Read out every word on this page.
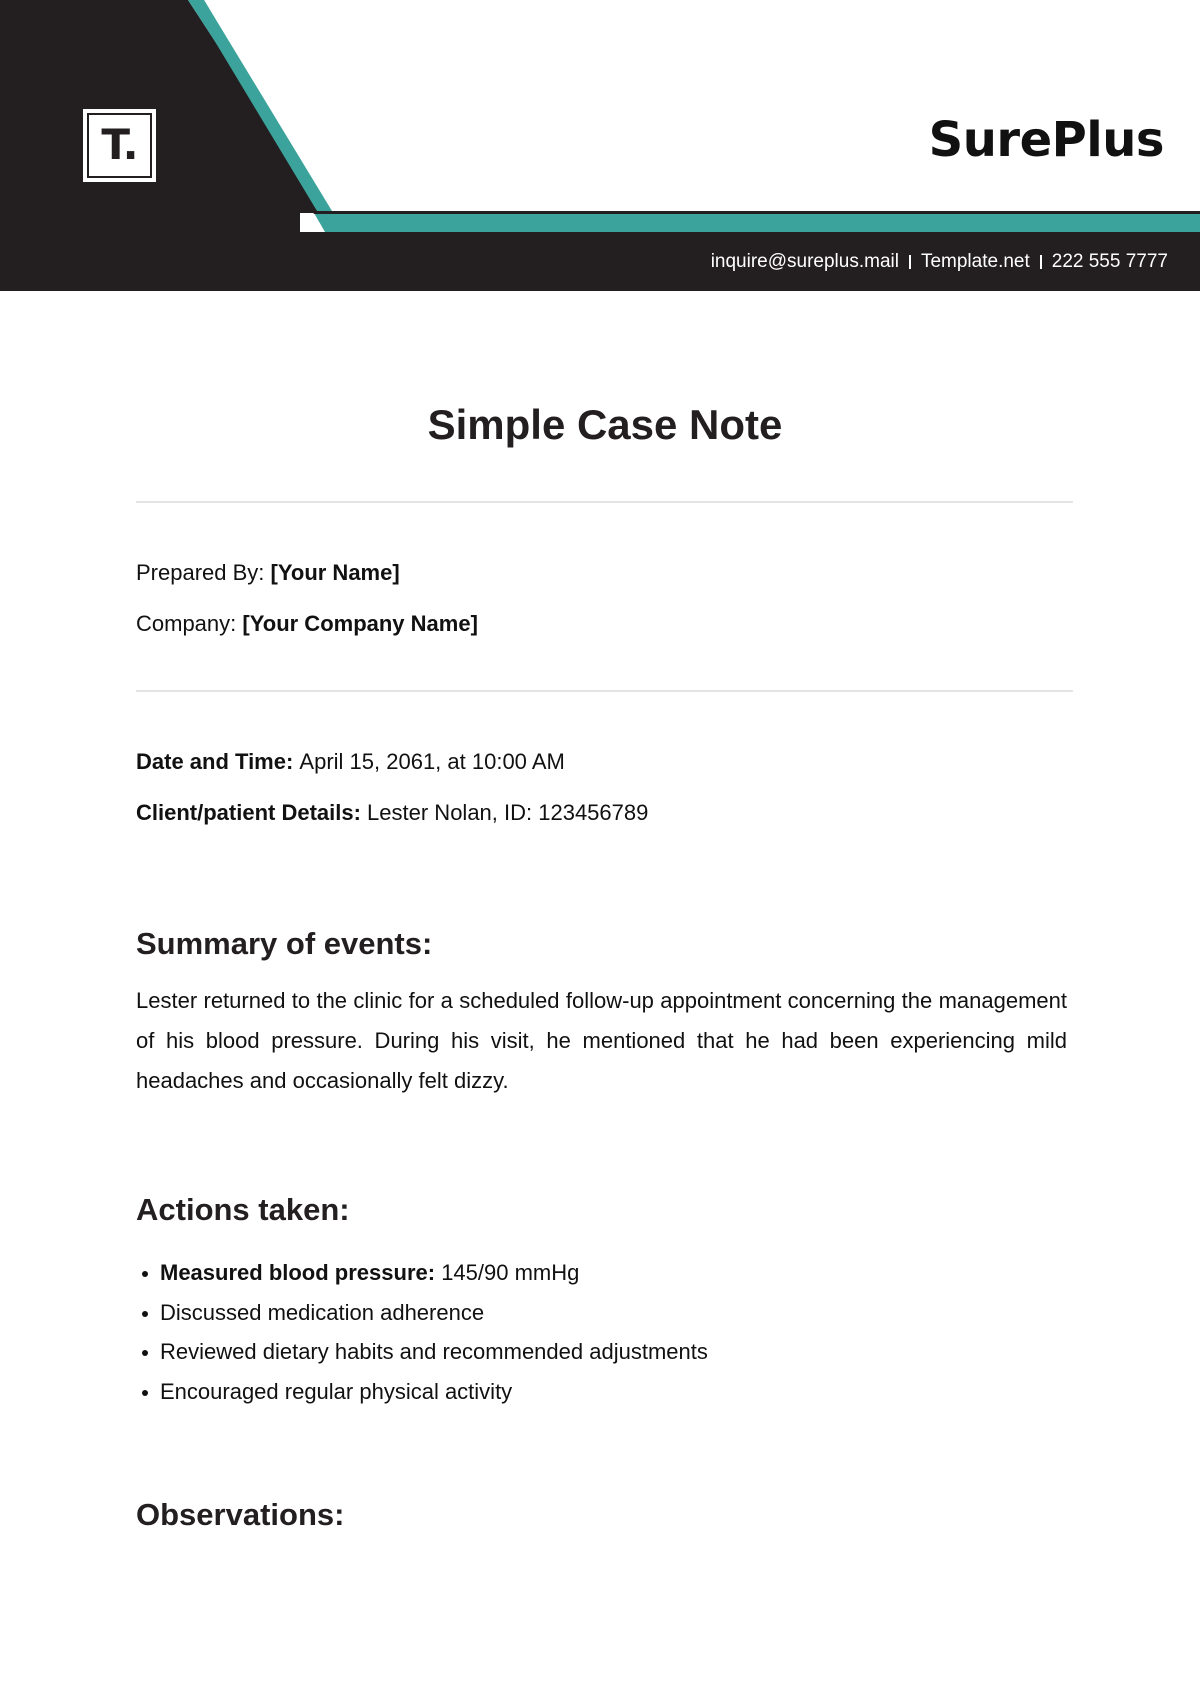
T.	SurePlus
inquire@sureplus.mail Template.net 222 555 7777
Simple Case Note
Prepared By: [Your Name]
Company: [Your Company Name]
Date and Time: April 15, 2061, at 10:00 AM
Client/patient Details: Lester Nolan, ID: 123456789
Summary of events:

Lester returned to the clinic for a scheduled follow-up appointment concerning the management of his blood pressure. During his visit, he mentioned that he had been experiencing mild headaches and occasionally felt dizzy.

Actions taken:
Measured blood pressure: 145/90 mmHg
Discussed medication adherence
Reviewed dietary habits and recommended adjustments
Encouraged regular physical activity
Observations:
